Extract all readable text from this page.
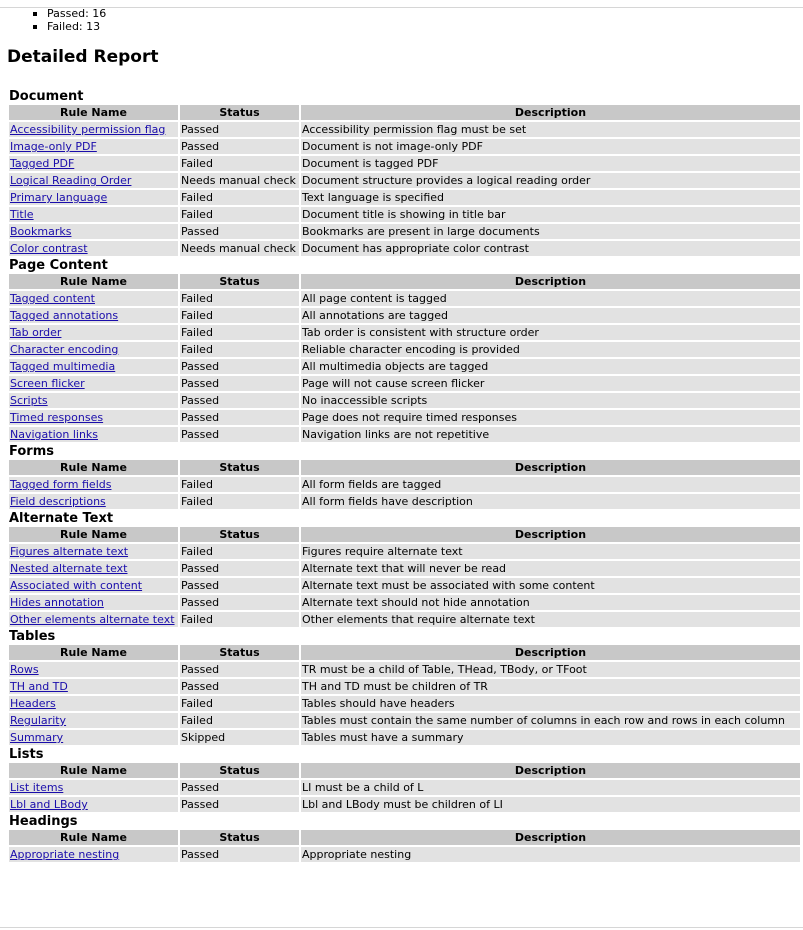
Passed: 16
Failed: 13
Detailed Report
Document
Rule Name	Status	Description
Accessibility permission flag	Passed	Accessibility permission flag must be set
Image-only PDF	Passed	Document is not image-only PDF
Tagged PDF	Failed	Document is tagged PDF
Logical Reading Order	Needs manual check	Document structure provides a logical reading order
Primary language	Failed	Text language is specified
Title	Failed	Document title is showing in title bar
Bookmarks	Passed	Bookmarks are present in large documents
Color contrast	Needs manual check	Document has appropriate color contrast
Page Content
Rule Name	Status	Description
Tagged content	Failed	All page content is tagged
Tagged annotations	Failed	All annotations are tagged
Tab order	Failed	Tab order is consistent with structure order
Character encoding	Failed	Reliable character encoding is provided
Tagged multimedia	Passed	All multimedia objects are tagged
Screen flicker	Passed	Page will not cause screen flicker
Scripts	Passed	No inaccessible scripts
Timed responses	Passed	Page does not require timed responses
Navigation links	Passed	Navigation links are not repetitive
Forms
Rule Name	Status	Description
Tagged form fields	Failed	All form fields are tagged
Field descriptions	Failed	All form fields have description
Alternate Text
Rule Name	Status	Description
Figures alternate text	Failed	Figures require alternate text
Nested alternate text	Passed	Alternate text that will never be read
Associated with content	Passed	Alternate text must be associated with some content
Hides annotation	Passed	Alternate text should not hide annotation
Other elements alternate text	Failed	Other elements that require alternate text
Tables
Rule Name	Status	Description
Rows	Passed	TR must be a child of Table, THead, TBody, or TFoot
TH and TD	Passed	TH and TD must be children of TR
Headers	Failed	Tables should have headers
Regularity	Failed	Tables must contain the same number of columns in each row and rows in each column
Summary	Skipped	Tables must have a summary
Lists
Rule Name	Status	Description
List items	Passed	LI must be a child of L
Lbl and LBody	Passed	Lbl and LBody must be children of LI
Headings
Rule Name	Status	Description
Appropriate nesting	Passed	Appropriate nesting
